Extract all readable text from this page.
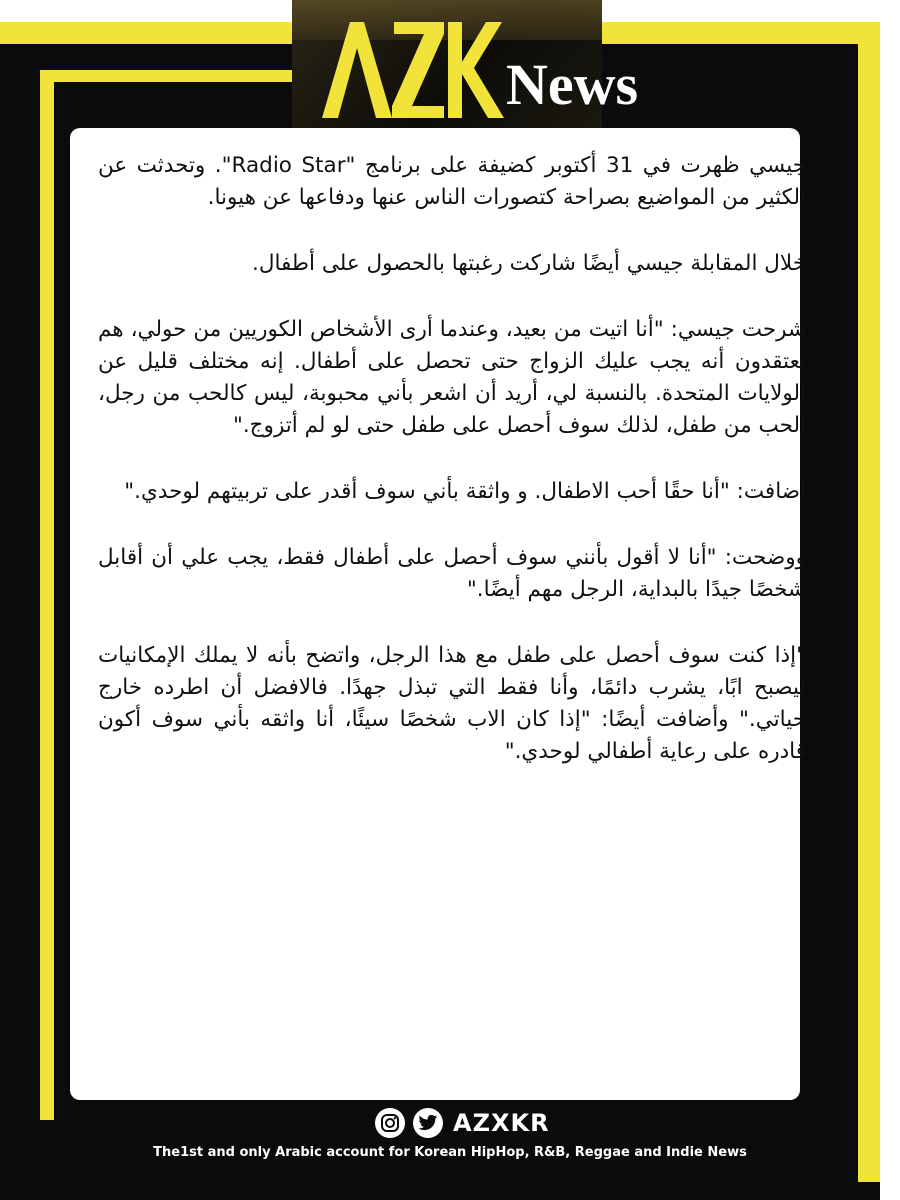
News

جيسي ظهرت في 31 أكتوبر كضيفة على برنامج "Radio Star". وتحدثت عن الكثير من المواضيع بصراحة كتصورات الناس عنها ودفاعها عن هيونا.

خلال المقابلة جيسي أيضًا شاركت رغبتها بالحصول على أطفال.

شرحت جيسي: "أنا اتيت من بعيد، وعندما أرى الأشخاص الكوريين من حولي، هم يعتقدون أنه يجب عليك الزواج حتى تحصل على أطفال. إنه مختلف قليل عن الولايات المتحدة. بالنسبة لي، أريد أن اشعر بأني محبوبة، ليس كالحب من رجل، الحب من طفل، لذلك سوف أحصل على طفل حتى لو لم أتزوج."

أضافت: "أنا حقًا أحب الاطفال. و واثقة بأني سوف أقدر على تربيتهم لوحدي."

ووضحت: "أنا لا أقول بأنني سوف أحصل على أطفال فقط، يجب علي أن أقابل شخصًا جيدًا بالبداية، الرجل مهم أيضًا."

"إذا كنت سوف أحصل على طفل مع هذا الرجل، واتضح بأنه لا يملك الإمكانيات ليصبح ابًا، يشرب دائمًا، وأنا فقط التي تبذل جهدًا. فالافضل أن اطرده خارج حياتي." وأضافت أيضًا: "إذا كان الاب شخصًا سيئًا، أنا واثقه بأني سوف أكون قادره على رعاية أطفالي لوحدي."

AZXKR
The1st and only Arabic account for Korean HipHop, R&B, Reggae and Indie News
